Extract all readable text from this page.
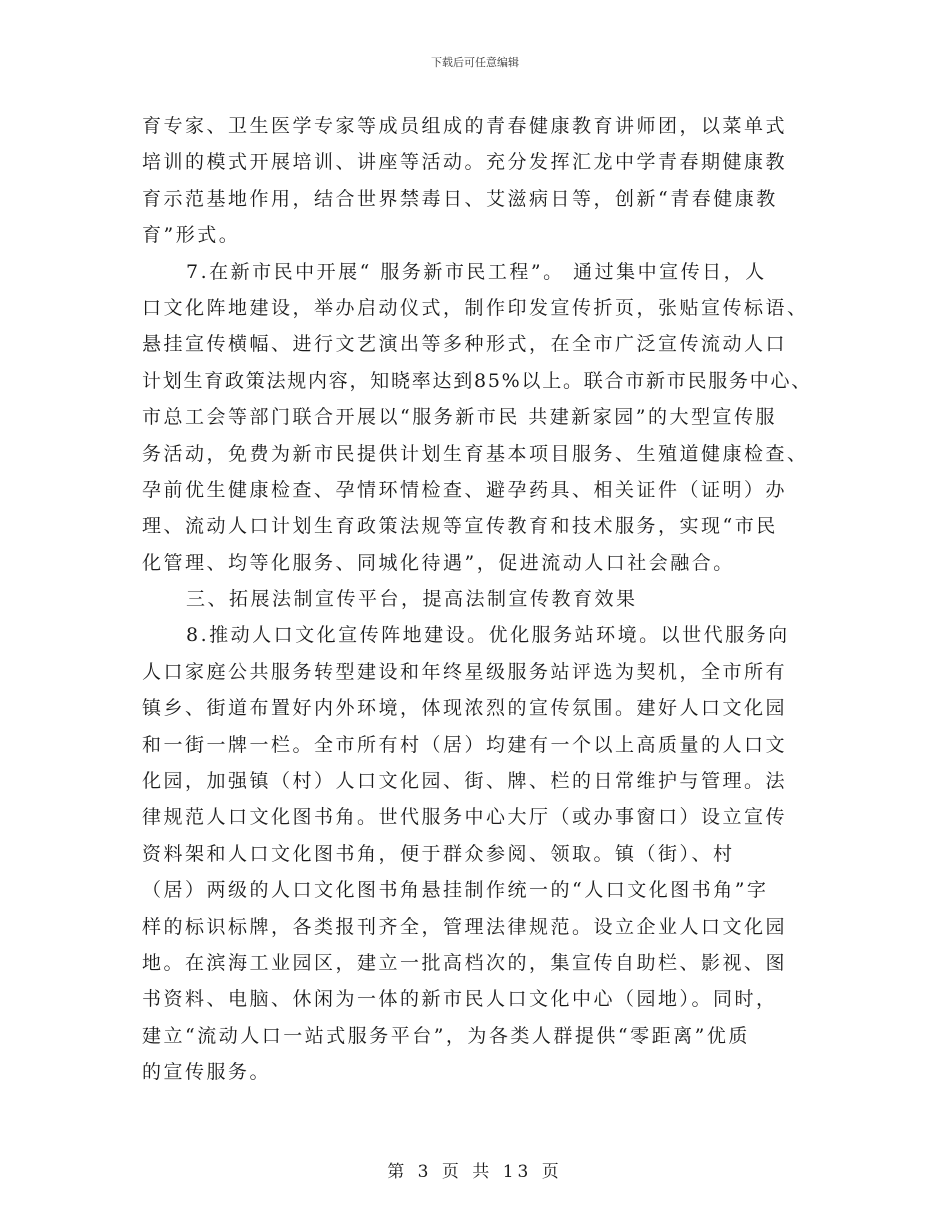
下载后可任意编辑
育专家、卫生医学专家等成员组成的青春健康教育讲师团，以菜单式
培训的模式开展培训、讲座等活动。充分发挥汇龙中学青春期健康教
育示范基地作用，结合世界禁毒日、艾滋病日等，创新“青春健康教
育”形式。
7.在新市民中开展“ 服务新市民工程”。 通过集中宣传日，人
口文化阵地建设，举办启动仪式，制作印发宣传折页，张贴宣传标语、
悬挂宣传横幅、进行文艺演出等多种形式，在全市广泛宣传流动人口
计划生育政策法规内容，知晓率达到85%以上。联合市新市民服务中心、
市总工会等部门联合开展以“服务新市民 共建新家园”的大型宣传服
务活动，免费为新市民提供计划生育基本项目服务、生殖道健康检查、
孕前优生健康检查、孕情环情检查、避孕药具、相关证件（证明）办
理、流动人口计划生育政策法规等宣传教育和技术服务，实现“市民
化管理、均等化服务、同城化待遇”，促进流动人口社会融合。
三、拓展法制宣传平台，提高法制宣传教育效果
8.推动人口文化宣传阵地建设。优化服务站环境。以世代服务向
人口家庭公共服务转型建设和年终星级服务站评选为契机，全市所有
镇乡、街道布置好内外环境，体现浓烈的宣传氛围。建好人口文化园
和一街一牌一栏。全市所有村（居）均建有一个以上高质量的人口文
化园，加强镇（村）人口文化园、街、牌、栏的日常维护与管理。法
律规范人口文化图书角。世代服务中心大厅（或办事窗口）设立宣传
资料架和人口文化图书角，便于群众参阅、领取。镇（街）、村
（居）两级的人口文化图书角悬挂制作统一的“人口文化图书角”字
样的标识标牌，各类报刊齐全，管理法律规范。设立企业人口文化园
地。在滨海工业园区，建立一批高档次的，集宣传自助栏、影视、图
书资料、电脑、休闲为一体的新市民人口文化中心（园地）。同时，
建立“流动人口一站式服务平台”，为各类人群提供“零距离”优质
的宣传服务。
第 3 页 共 13 页
